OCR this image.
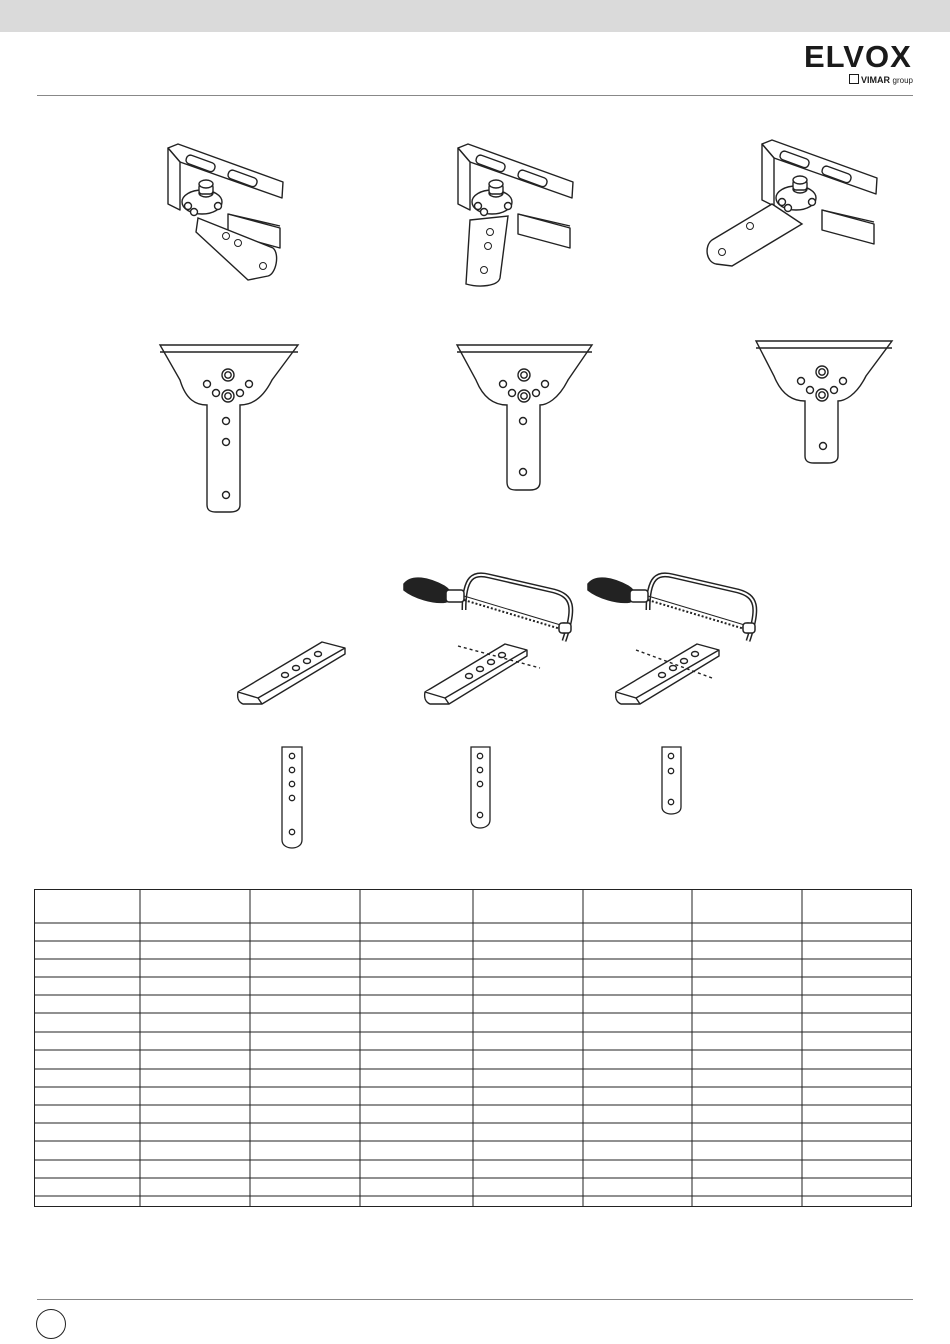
ELVOX
VIMAR group
